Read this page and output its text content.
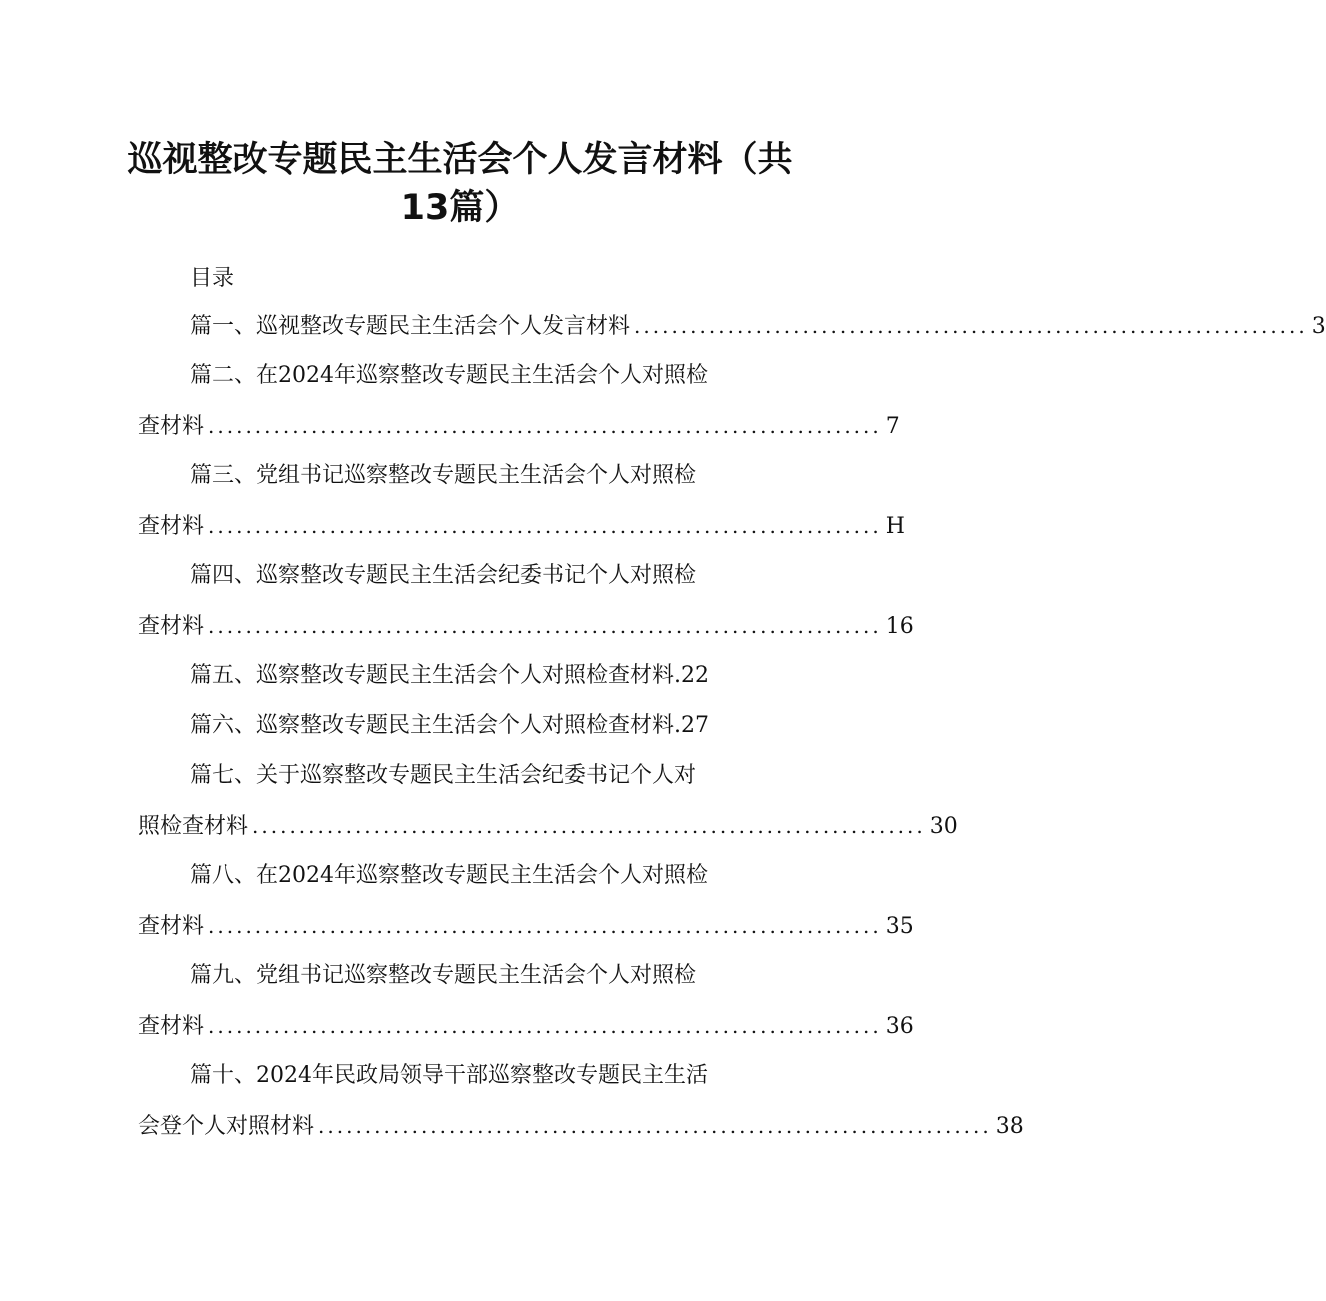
巡视整改专题民主生活会个人发言材料（共
13篇）
目录
篇一、巡视整改专题民主生活会个人发言材料 ........................................................................ 3
篇二、在2024年巡察整改专题民主生活会个人对照检
查材料 ........................................................................ 7
篇三、党组书记巡察整改专题民主生活会个人对照检
查材料 ........................................................................ H
篇四、巡察整改专题民主生活会纪委书记个人对照检
查材料 ........................................................................ 16
篇五、巡察整改专题民主生活会个人对照检查材料.22
篇六、巡察整改专题民主生活会个人对照检查材料.27
篇七、关于巡察整改专题民主生活会纪委书记个人对
照检查材料 ........................................................................ 30
篇八、在2024年巡察整改专题民主生活会个人对照检
查材料 ........................................................................ 35
篇九、党组书记巡察整改专题民主生活会个人对照检
查材料 ........................................................................ 36
篇十、2024年民政局领导干部巡察整改专题民主生活
会登个人对照材料 ........................................................................ 38
